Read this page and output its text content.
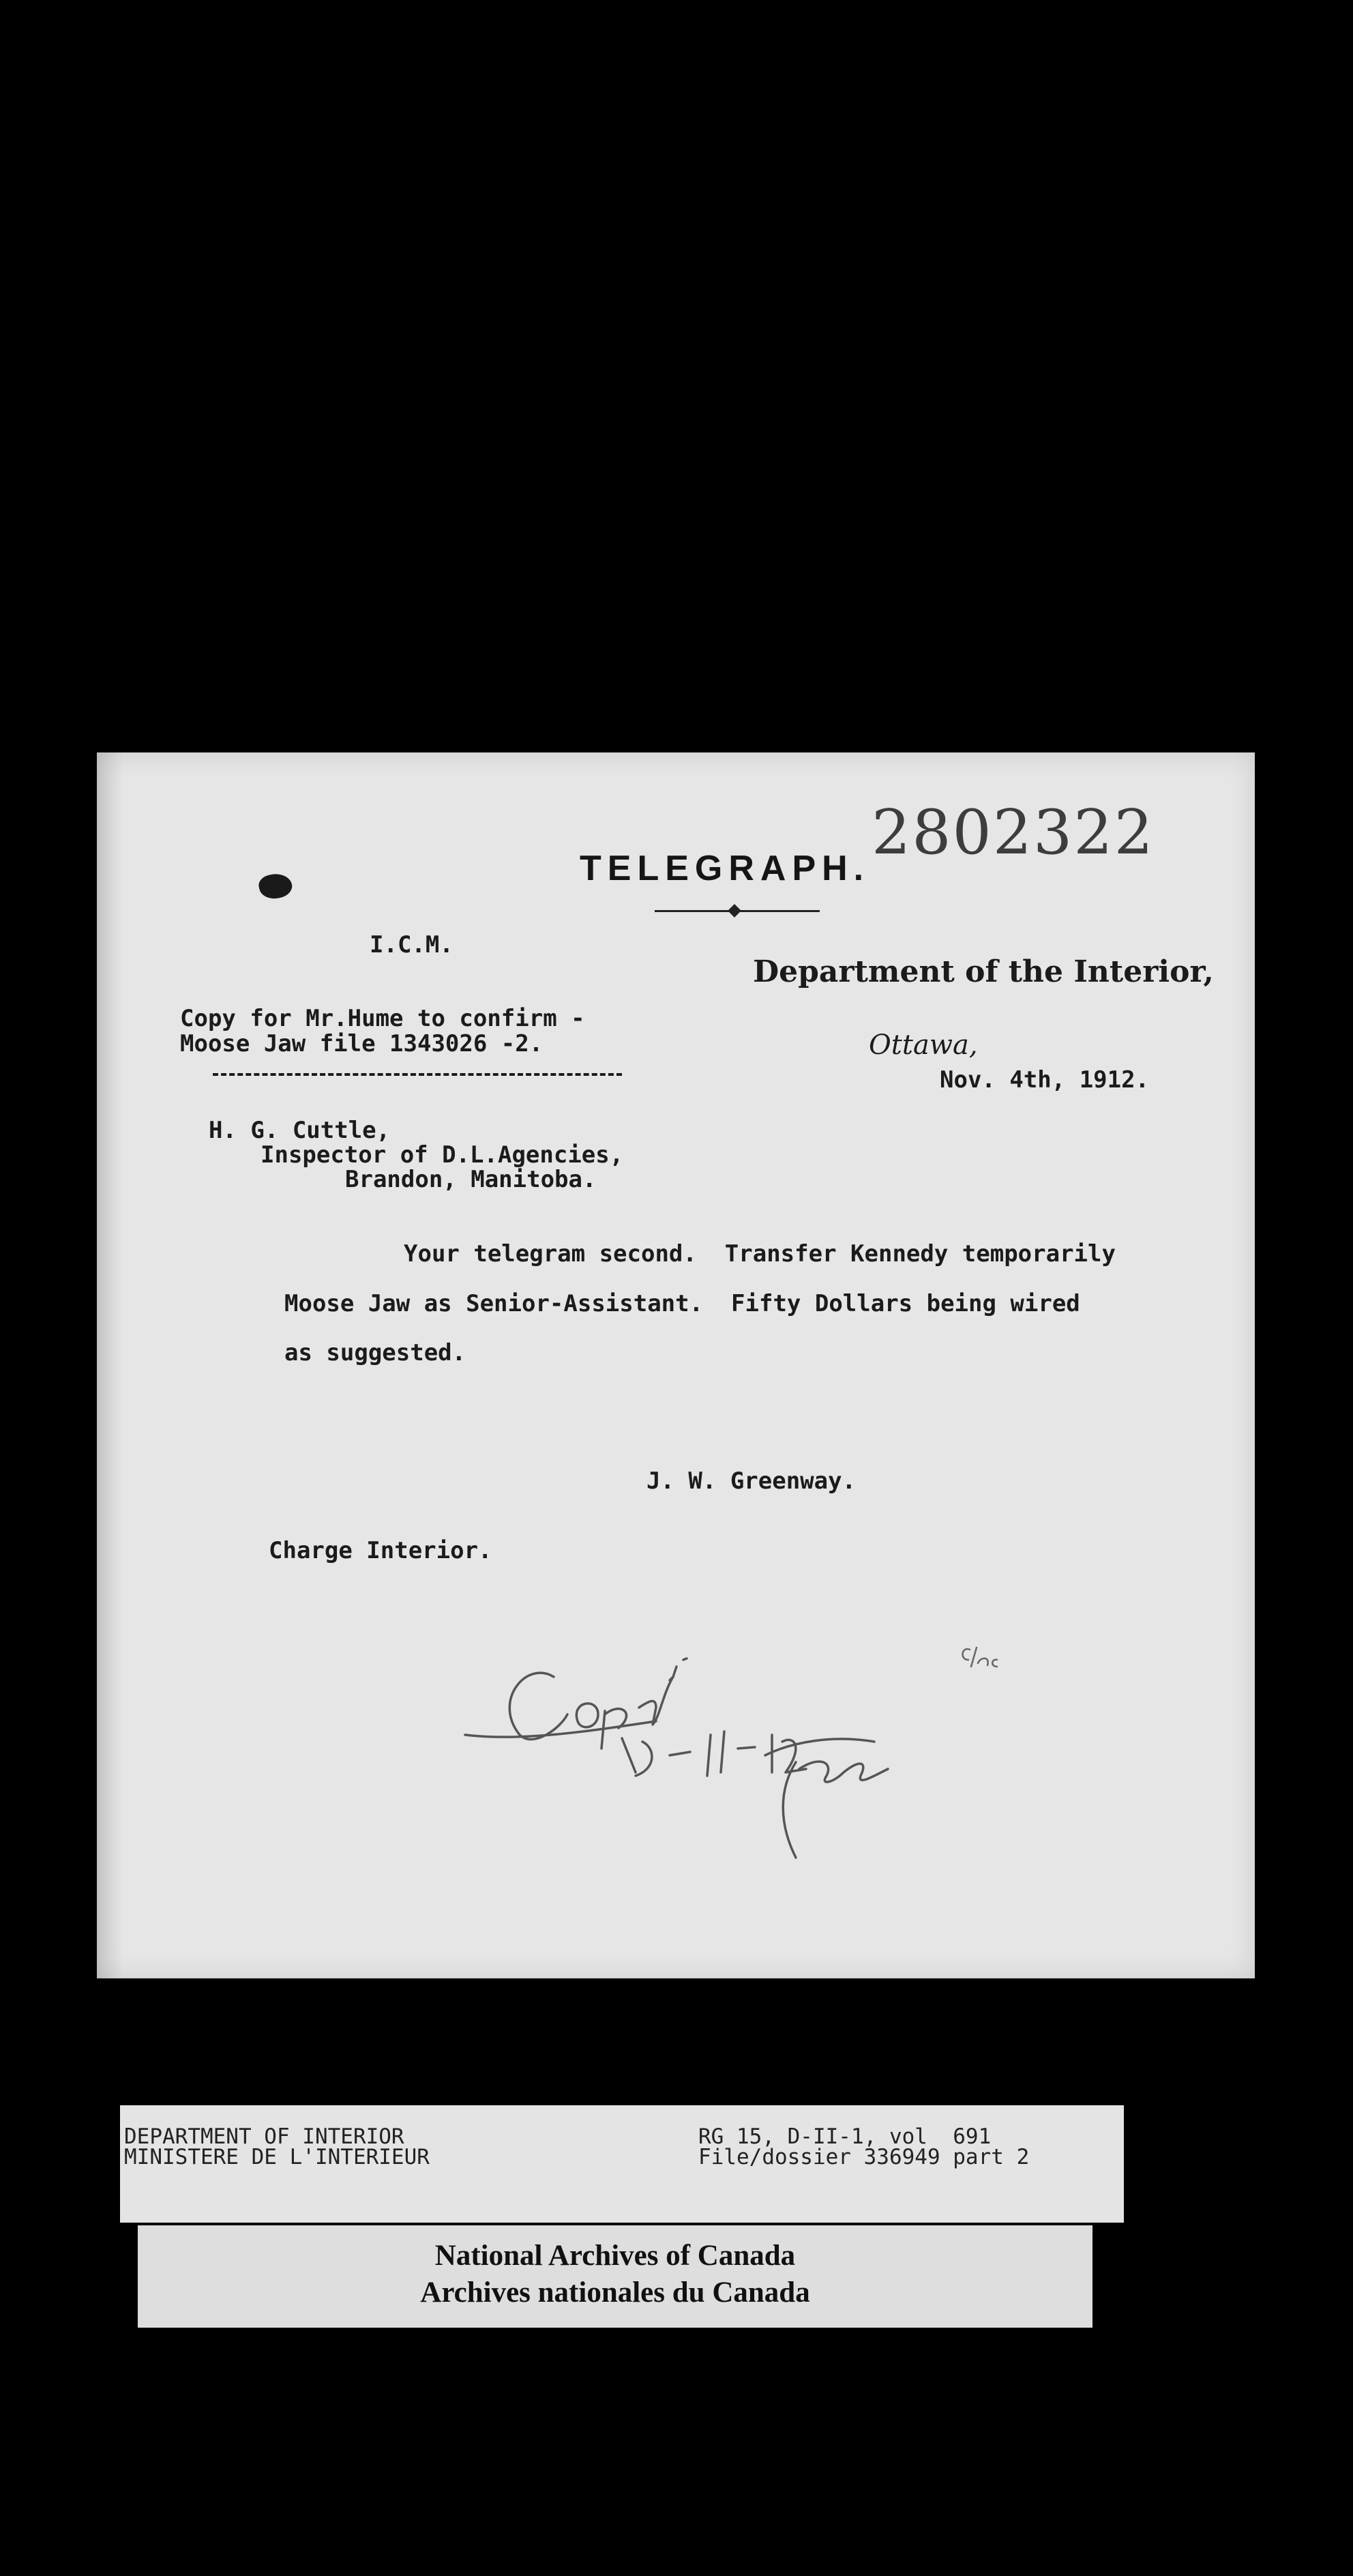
2802322
TELEGRAPH.
I.C.M.
Department of the Interior,
Copy for Mr.Hume to confirm -
Moose Jaw file 1343026 -2.	Ottawa,
Nov. 4th, 1912.
H. G. Cuttle,
Inspector of D.L.Agencies,
Brandon, Manitoba.
Your telegram second.  Transfer Kennedy temporarily
Moose Jaw as Senior-Assistant.  Fifty Dollars being wired
as suggested.
J. W. Greenway.
Charge Interior.
DEPARTMENT OF INTERIOR
MINISTERE DE L'INTERIEUR
RG 15, D-II-1, vol  691
File/dossier 336949 part 2
National Archives of Canada
Archives nationales du Canada
